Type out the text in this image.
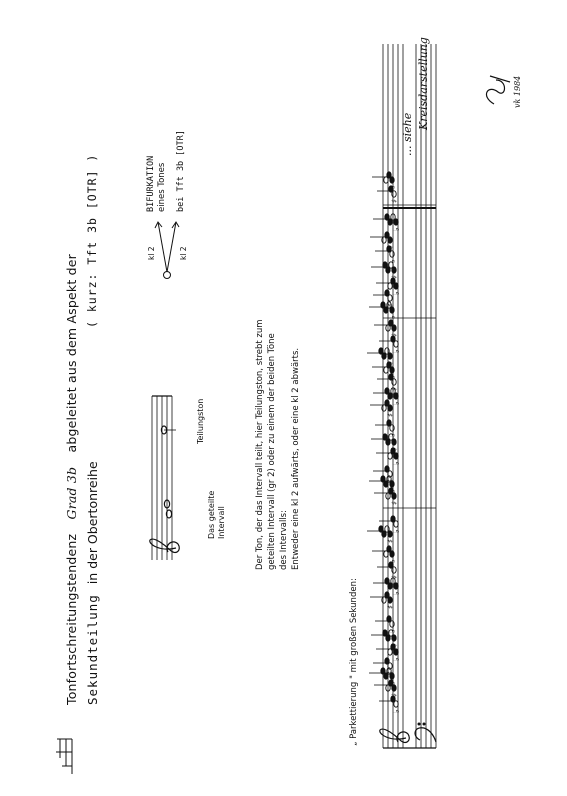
♭
♯
♭
♯
♭
♯
♭
♯
♭
♯
♭
♯
♭
♯
♭
♯
♭
♯
♭
♯
♭
♯
♭
♯
♭
♯
♭
♯
♭
♯
♭
♯
♭
♯
♭
Tonfortschreitungstendenz Grad 3b abgeleitet aus dem Aspekt der
Sekundteilung in der Obertonreihe
( kurz: Tft 3b [OTR] )
Das geteilte
Intervall
Teilungston
kl 2	kl 2
BIFURKATION eines Tones bei Tft 3b [OTR]
Der Ton, der das Intervall teilt, hier Teilungston, strebt zum geteilten Intervall (gr 2) oder zu einem der beiden Töne des Intervalls: Entweder eine kl 2 aufwärts, oder eine kl 2 abwärts.
„ Parkettierung " mit großen Sekunden:
... siehe
Kreisdarstellung	vk 1984
